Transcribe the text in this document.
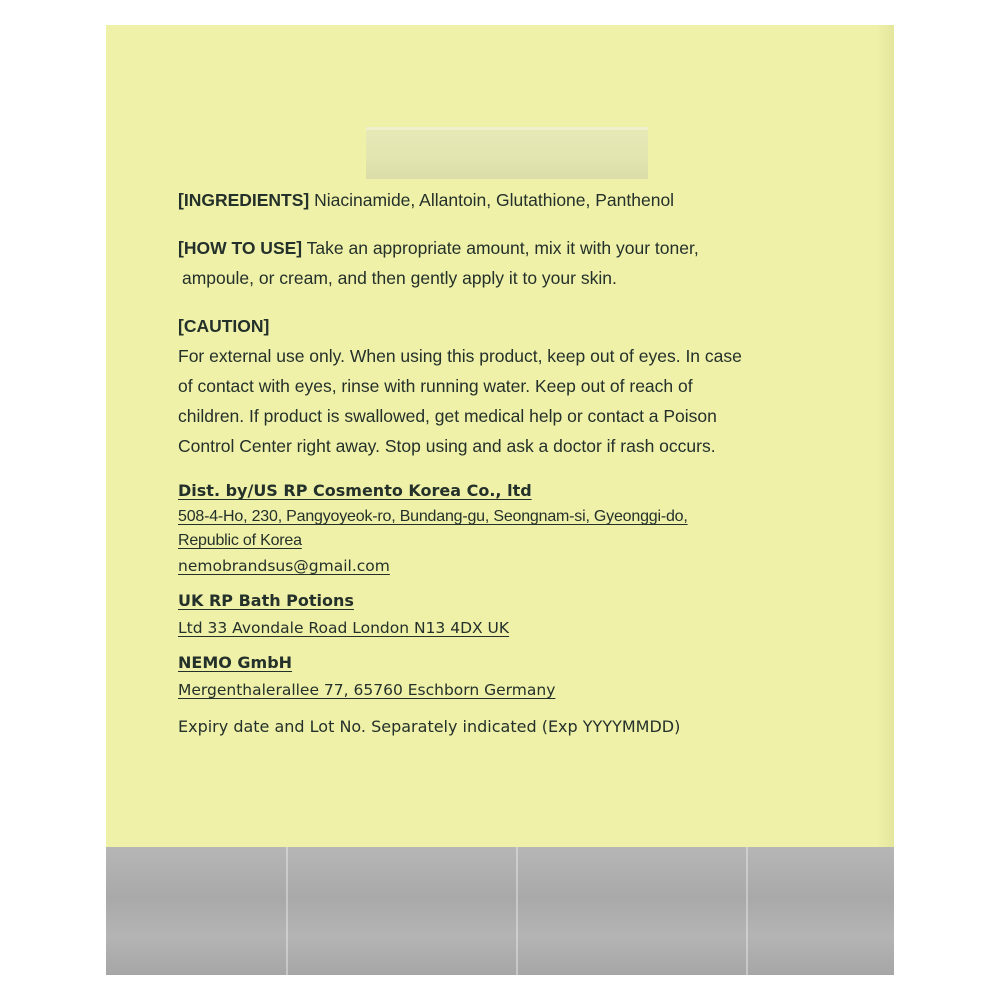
[INGREDIENTS] Niacinamide, Allantoin, Glutathione, Panthenol

[HOW TO USE] Take an appropriate amount, mix it with your toner,

ampoule, or cream, and then gently apply it to your skin.

[CAUTION]

For external use only. When using this product, keep out of eyes. In case

of contact with eyes, rinse with running water. Keep out of reach of

children. If product is swallowed, get medical help or contact a Poison

Control Center right away. Stop using and ask a doctor if rash occurs.

Dist. by/US RP Cosmento Korea Co., ltd

508-4-Ho, 230, Pangyoyeok-ro, Bundang-gu, Seongnam-si, Gyeonggi-do,

Republic of Korea

nemobrandsus@gmail.com

UK RP Bath Potions

Ltd 33 Avondale Road London N13 4DX UK

NEMO GmbH

Mergenthalerallee 77, 65760 Eschborn Germany

Expiry date and Lot No. Separately indicated (Exp YYYYMMDD)
